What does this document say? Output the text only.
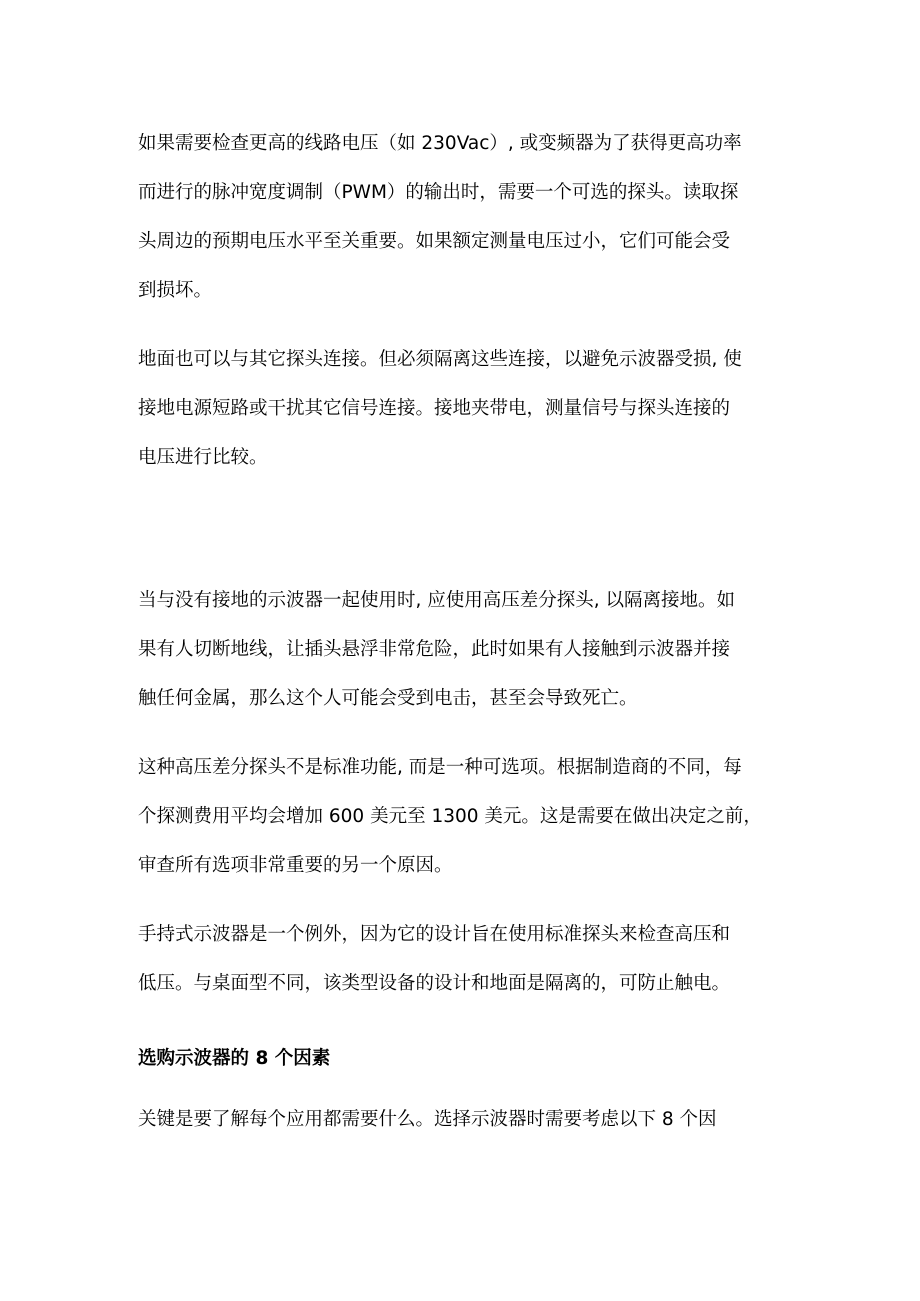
如果需要检查更高的线路电压（如 230Vac）, 或变频器为了获得更高功率
而进行的脉冲宽度调制（PWM）的输出时，需要一个可选的探头。读取探
头周边的预期电压水平至关重要。如果额定测量电压过小，它们可能会受
到损坏。
地面也可以与其它探头连接。但必须隔离这些连接，以避免示波器受损, 使
接地电源短路或干扰其它信号连接。接地夹带电，测量信号与探头连接的
电压进行比较。
当与没有接地的示波器一起使用时, 应使用高压差分探头, 以隔离接地。如
果有人切断地线，让插头悬浮非常危险，此时如果有人接触到示波器并接
触任何金属，那么这个人可能会受到电击，甚至会导致死亡。
这种高压差分探头不是标准功能, 而是一种可选项。根据制造商的不同，每
个探测费用平均会增加 600 美元至 1300 美元。这是需要在做出决定之前，
审查所有选项非常重要的另一个原因。
手持式示波器是一个例外，因为它的设计旨在使用标准探头来检查高压和
低压。与桌面型不同，该类型设备的设计和地面是隔离的，可防止触电。
选购示波器的 8 个因素
关键是要了解每个应用都需要什么。选择示波器时需要考虑以下 8 个因
